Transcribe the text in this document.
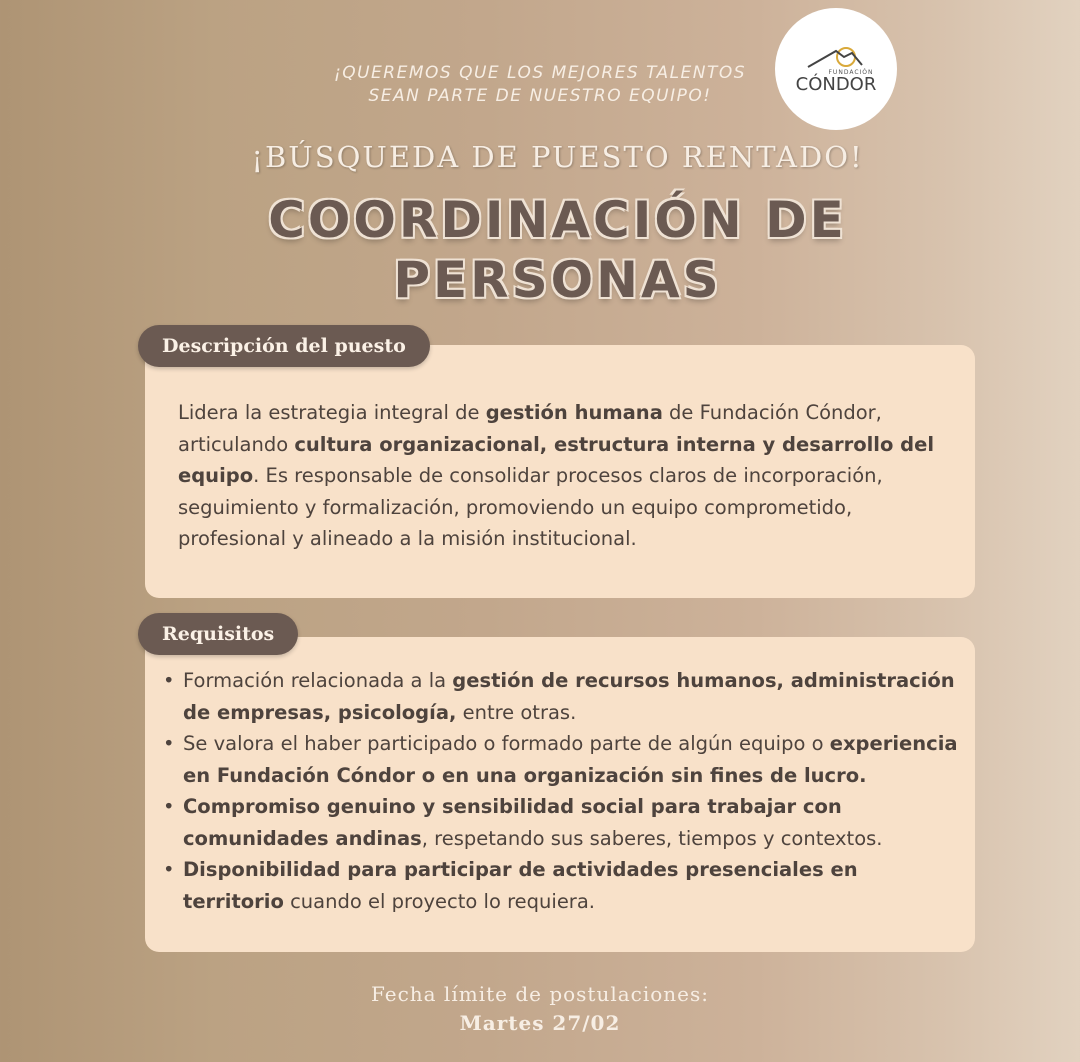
¡QUEREMOS QUE LOS MEJORES TALENTOS
SEAN PARTE DE NUESTRO EQUIPO!
FUNDACIÓN
CÓNDOR
¡BÚSQUEDA DE PUESTO RENTADO!
COORDINACIÓN DE
PERSONAS

Lidera la estrategia integral de gestión humana de Fundación Cóndor, articulando cultura organizacional, estructura interna y desarrollo del equipo. Es responsable de consolidar procesos claros de incorporación, seguimiento y formalización, promoviendo un equipo comprometido, profesional y alineado a la misión institucional.

Descripción del puesto
• Formación relacionada a la gestión de recursos humanos, administración de empresas, psicología, entre otras.
• Se valora el haber participado o formado parte de algún equipo o experiencia en Fundación Cóndor o en una organización sin fines de lucro.
• Compromiso genuino y sensibilidad social para trabajar con comunidades andinas, respetando sus saberes, tiempos y contextos.
• Disponibilidad para participar de actividades presenciales en territorio cuando el proyecto lo requiera.
Requisitos
Fecha límite de postulaciones:
Martes 27/02
